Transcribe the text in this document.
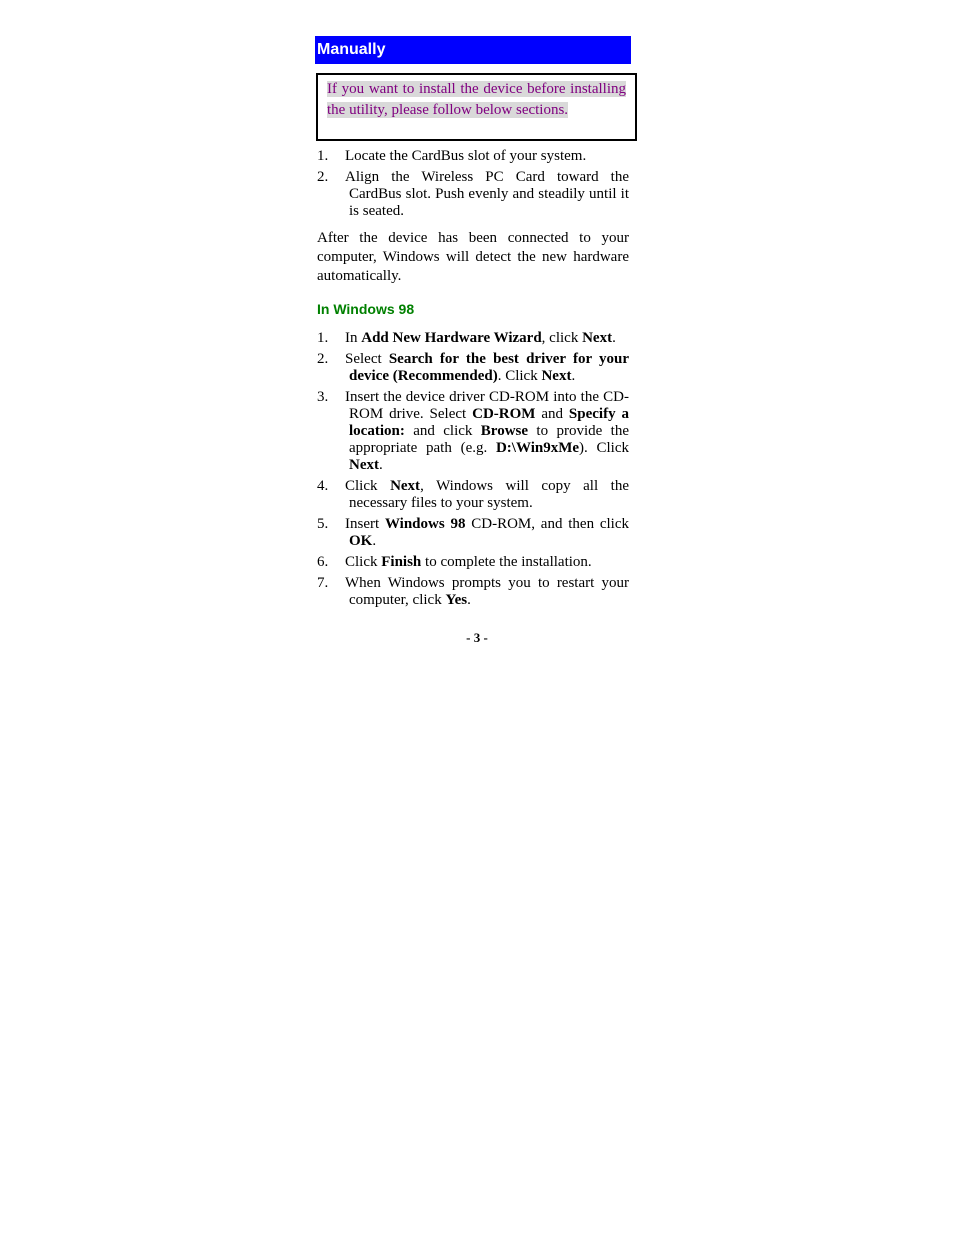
Manually
If you want to install the device before installing the utility, please follow below sections.
1. Locate the CardBus slot of your system.
2. Align the Wireless PC Card toward the CardBus slot. Push evenly and steadily until it is seated.

After the device has been connected to your computer, Windows will detect the new hardware automatically.

In Windows 98
1. In Add New Hardware Wizard, click Next.
2. Select Search for the best driver for your device (Recommended). Click Next.
3. Insert the device driver CD-ROM into the CD-ROM drive. Select CD-ROM and Specify a location: and click Browse to provide the appropriate path (e.g. D:\Win9xMe). Click Next.
4. Click Next, Windows will copy all the necessary files to your system.
5. Insert Windows 98 CD-ROM, and then click OK.
6. Click Finish to complete the installation.
7. When Windows prompts you to restart your computer, click Yes.
- 3 -
